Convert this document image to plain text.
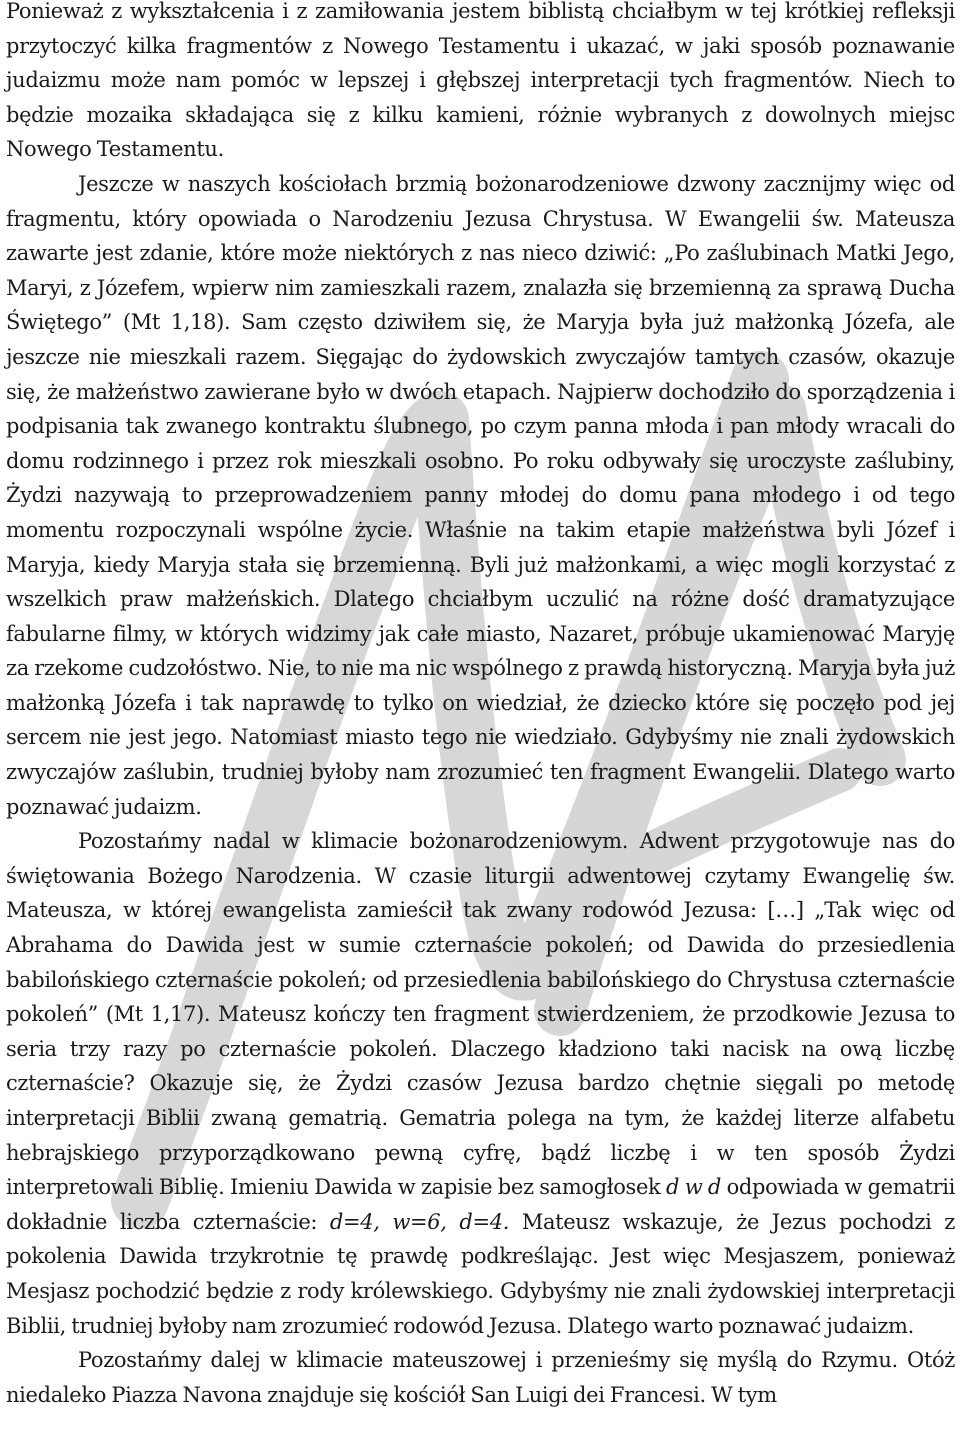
Ponieważ z wykształcenia i z zamiłowania jestem biblistą chciałbym w tej krótkiej refleksji przytoczyć kilka fragmentów z Nowego Testamentu i ukazać, w jaki sposób poznawanie judaizmu może nam pomóc w lepszej i głębszej interpretacji tych fragmentów. Niech to będzie mozaika składająca się z kilku kamieni, różnie wybranych z dowolnych miejsc Nowego Testamentu.

Jeszcze w naszych kościołach brzmią bożonarodzeniowe dzwony zacznijmy więc od fragmentu, który opowiada o Narodzeniu Jezusa Chrystusa. W Ewangelii św. Mateusza zawarte jest zdanie, które może niektórych z nas nieco dziwić: „Po zaślubinach Matki Jego, Maryi, z Józefem, wpierw nim zamieszkali razem, znalazła się brzemienną za sprawą Ducha Świętego” (Mt 1,18). Sam często dziwiłem się, że Maryja była już małżonką Józefa, ale jeszcze nie mieszkali razem. Sięgając do żydowskich zwyczajów tamtych czasów, okazuje się, że małżeństwo zawierane było w dwóch etapach. Najpierw dochodziło do sporządzenia i podpisania tak zwanego kontraktu ślubnego, po czym panna młoda i pan młody wracali do domu rodzinnego i przez rok mieszkali osobno. Po roku odbywały się uroczyste zaślubiny, Żydzi nazywają to przeprowadzeniem panny młodej do domu pana młodego i od tego momentu rozpoczynali wspólne życie. Właśnie na takim etapie małżeństwa byli Józef i Maryja, kiedy Maryja stała się brzemienną. Byli już małżonkami, a więc mogli korzystać z wszelkich praw małżeńskich. Dlatego chciałbym uczulić na różne dość dramatyzujące fabularne filmy, w których widzimy jak całe miasto, Nazaret, próbuje ukamienować Maryję za rzekome cudzołóstwo. Nie, to nie ma nic wspólnego z prawdą historyczną. Maryja była już małżonką Józefa i tak naprawdę to tylko on wiedział, że dziecko które się poczęło pod jej sercem nie jest jego. Natomiast miasto tego nie wiedziało. Gdybyśmy nie znali żydowskich zwyczajów zaślubin, trudniej byłoby nam zrozumieć ten fragment Ewangelii. Dlatego warto poznawać judaizm.

Pozostańmy nadal w klimacie bożonarodzeniowym. Adwent przygotowuje nas do świętowania Bożego Narodzenia. W czasie liturgii adwentowej czytamy Ewangelię św. Mateusza, w której ewangelista zamieścił tak zwany rodowód Jezusa: […] „Tak więc od Abrahama do Dawida jest w sumie czternaście pokoleń; od Dawida do przesiedlenia babilońskiego czternaście pokoleń; od przesiedlenia babilońskiego do Chrystusa czternaście pokoleń” (Mt 1,17). Mateusz kończy ten fragment stwierdzeniem, że przodkowie Jezusa to seria trzy razy po czternaście pokoleń. Dlaczego kładziono taki nacisk na ową liczbę czternaście? Okazuje się, że Żydzi czasów Jezusa bardzo chętnie sięgali po metodę interpretacji Biblii zwaną gematrią. Gematria polega na tym, że każdej literze alfabetu hebrajskiego przyporządkowano pewną cyfrę, bądź liczbę i w ten sposób Żydzi interpretowali Biblię. Imieniu Dawida w zapisie bez samogłosek d w d odpowiada w gematrii dokładnie liczba czternaście: d=4, w=6, d=4. Mateusz wskazuje, że Jezus pochodzi z pokolenia Dawida trzykrotnie tę prawdę podkreślając. Jest więc Mesjaszem, ponieważ Mesjasz pochodzić będzie z rody królewskiego. Gdybyśmy nie znali żydowskiej interpretacji Biblii, trudniej byłoby nam zrozumieć rodowód Jezusa. Dlatego warto poznawać judaizm.

Pozostańmy dalej w klimacie mateuszowej i przenieśmy się myślą do Rzymu. Otóż niedaleko Piazza Navona znajduje się kościół San Luigi dei Francesi. W tym
